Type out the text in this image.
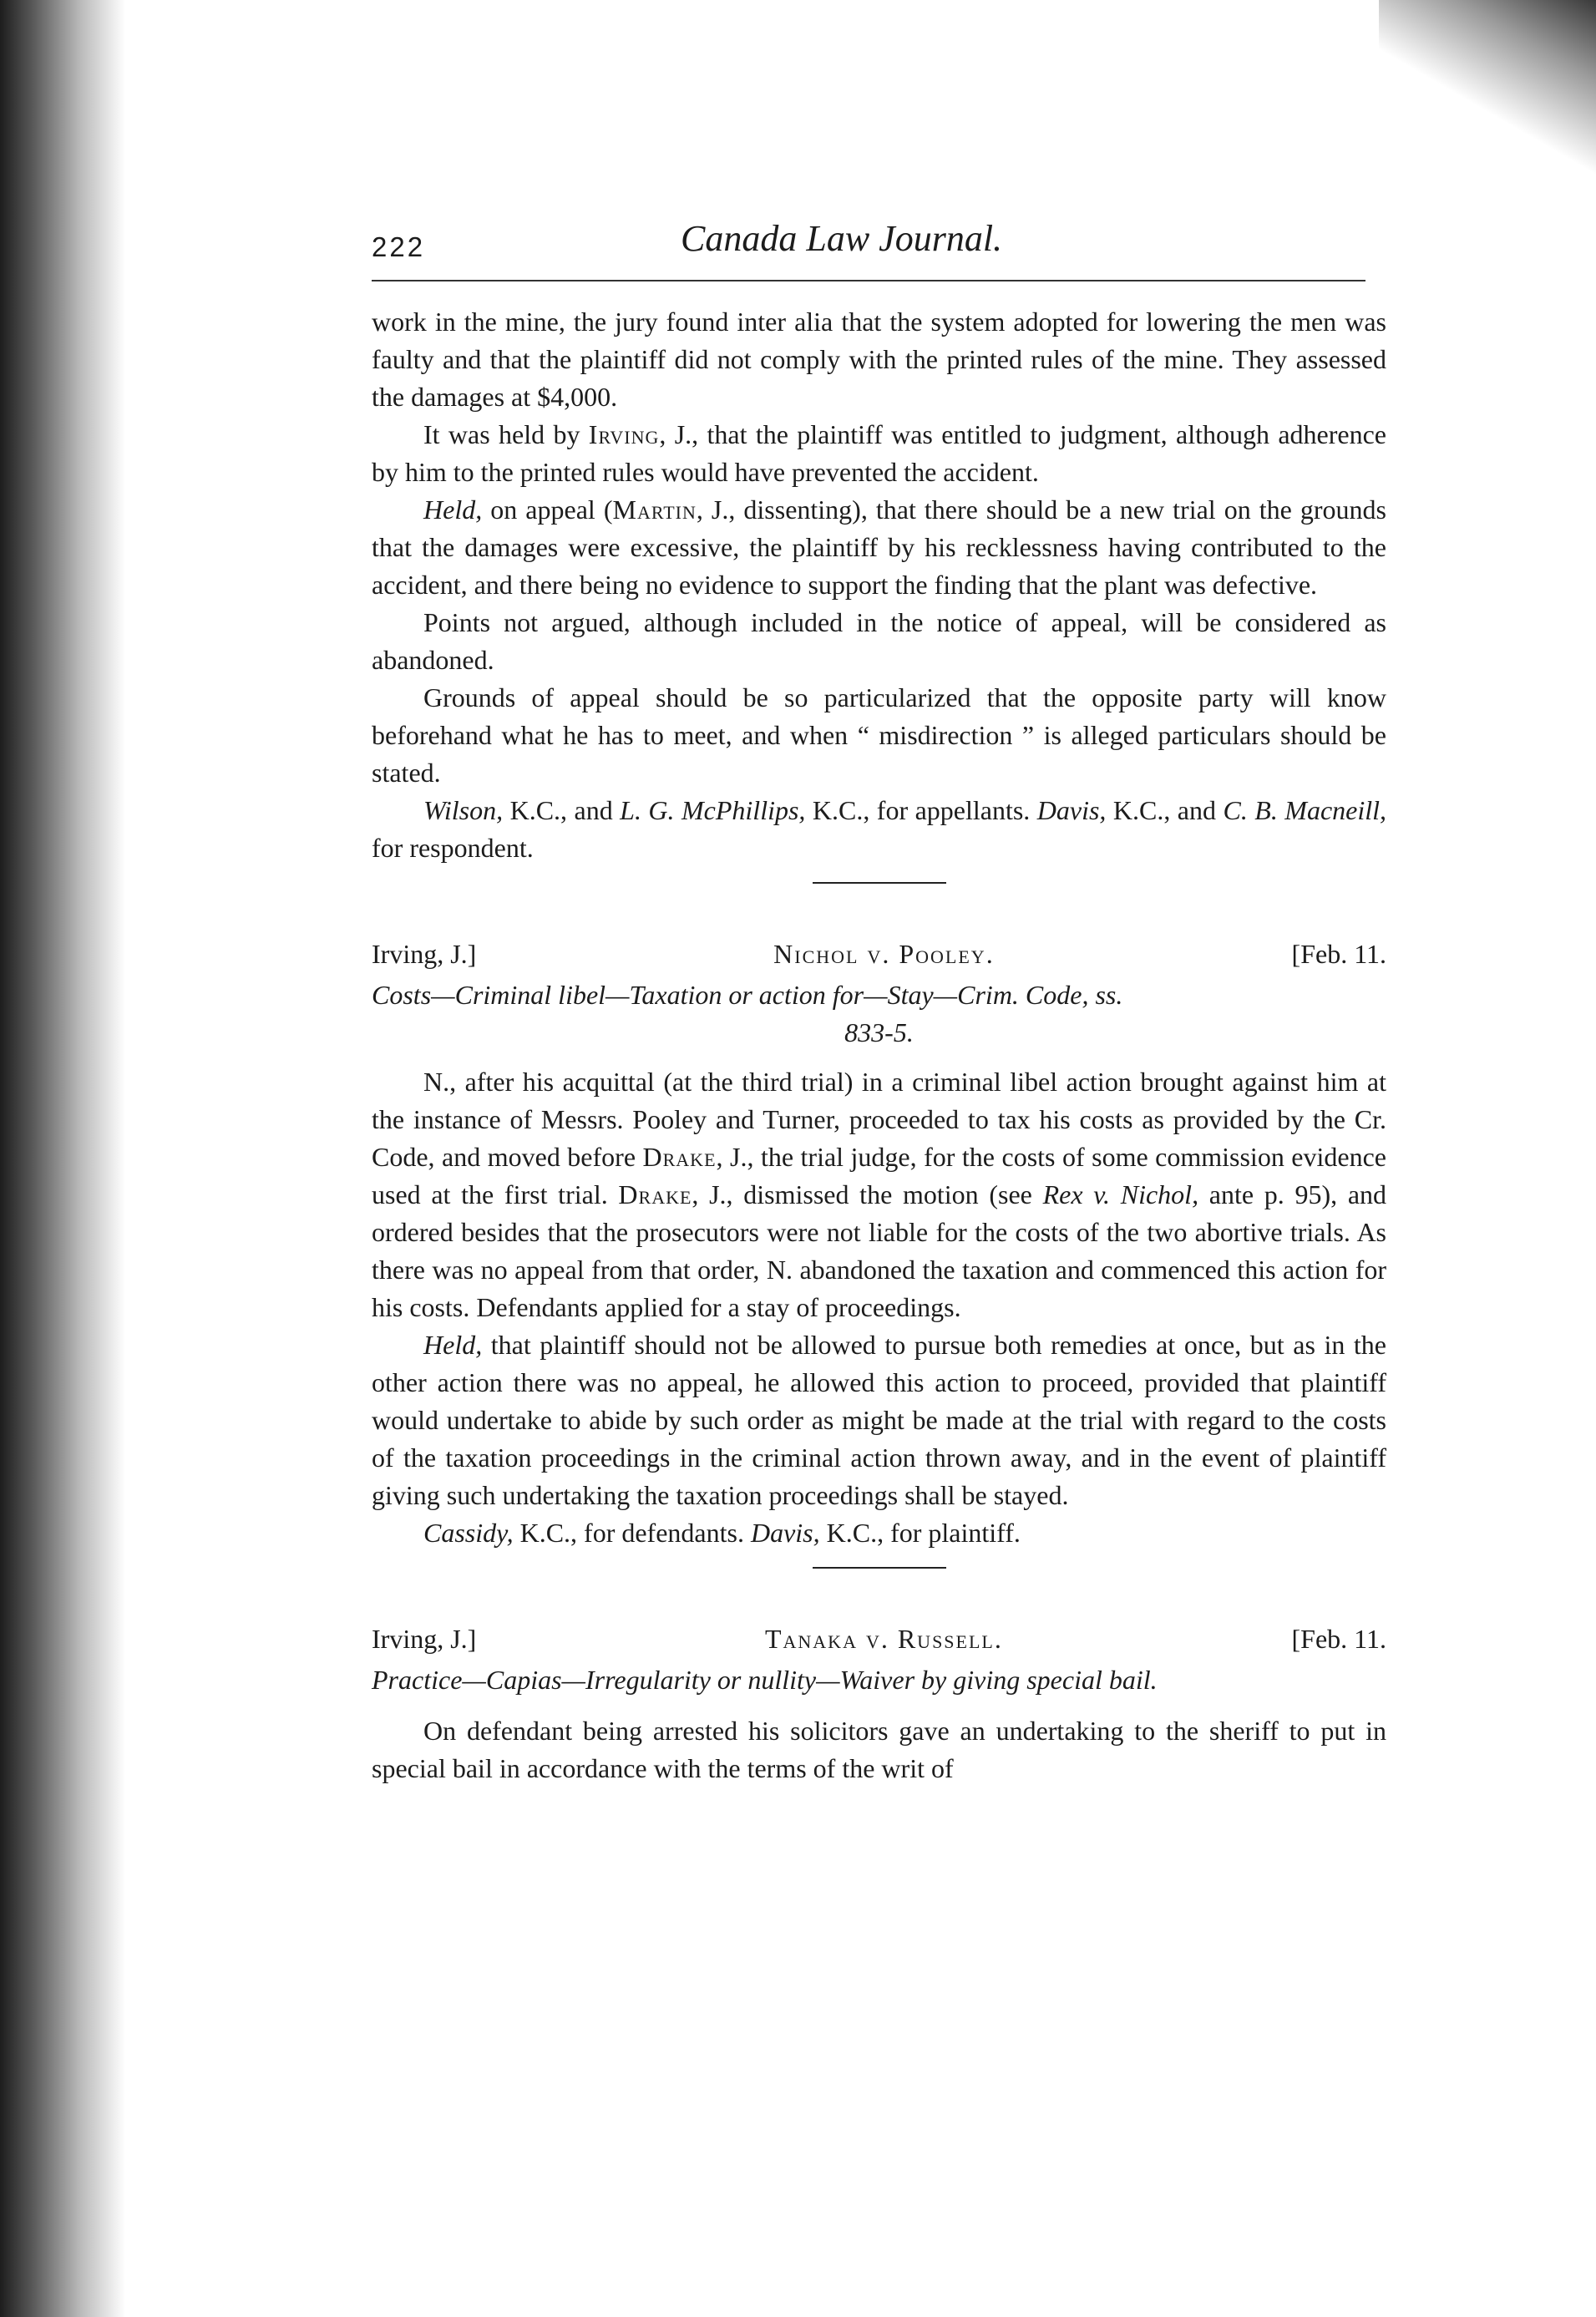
222	Canada Law Journal.

work in the mine, the jury found inter alia that the system adopted for lowering the men was faulty and that the plaintiff did not comply with the printed rules of the mine. They assessed the damages at $4,000.

It was held by Irving, J., that the plaintiff was entitled to judgment, although adherence by him to the printed rules would have prevented the accident.

Held, on appeal (Martin, J., dissenting), that there should be a new trial on the grounds that the damages were excessive, the plaintiff by his recklessness having contributed to the accident, and there being no evidence to support the finding that the plant was defective.

Points not argued, although included in the notice of appeal, will be considered as abandoned.

Grounds of appeal should be so particularized that the opposite party will know beforehand what he has to meet, and when “ misdirection ” is alleged particulars should be stated.

Wilson, K.C., and L. G. McPhillips, K.C., for appellants. Davis, K.C., and C. B. Macneill, for respondent.

Irving, J.]	Nichol v. Pooley.	[Feb. 11.

Costs—Criminal libel—Taxation or action for—Stay—Crim. Code, ss.

833-5.

N., after his acquittal (at the third trial) in a criminal libel action brought against him at the instance of Messrs. Pooley and Turner, proceeded to tax his costs as provided by the Cr. Code, and moved before Drake, J., the trial judge, for the costs of some commission evidence used at the first trial. Drake, J., dismissed the motion (see Rex v. Nichol, ante p. 95), and ordered besides that the prosecutors were not liable for the costs of the two abortive trials. As there was no appeal from that order, N. abandoned the taxation and commenced this action for his costs. Defendants applied for a stay of proceedings.

Held, that plaintiff should not be allowed to pursue both remedies at once, but as in the other action there was no appeal, he allowed this action to proceed, provided that plaintiff would undertake to abide by such order as might be made at the trial with regard to the costs of the taxation proceedings in the criminal action thrown away, and in the event of plaintiff giving such undertaking the taxation proceedings shall be stayed.

Cassidy, K.C., for defendants. Davis, K.C., for plaintiff.

Irving, J.]	Tanaka v. Russell.	[Feb. 11.

Practice—Capias—Irregularity or nullity—Waiver by giving special bail.

On defendant being arrested his solicitors gave an undertaking to the sheriff to put in special bail in accordance with the terms of the writ of
